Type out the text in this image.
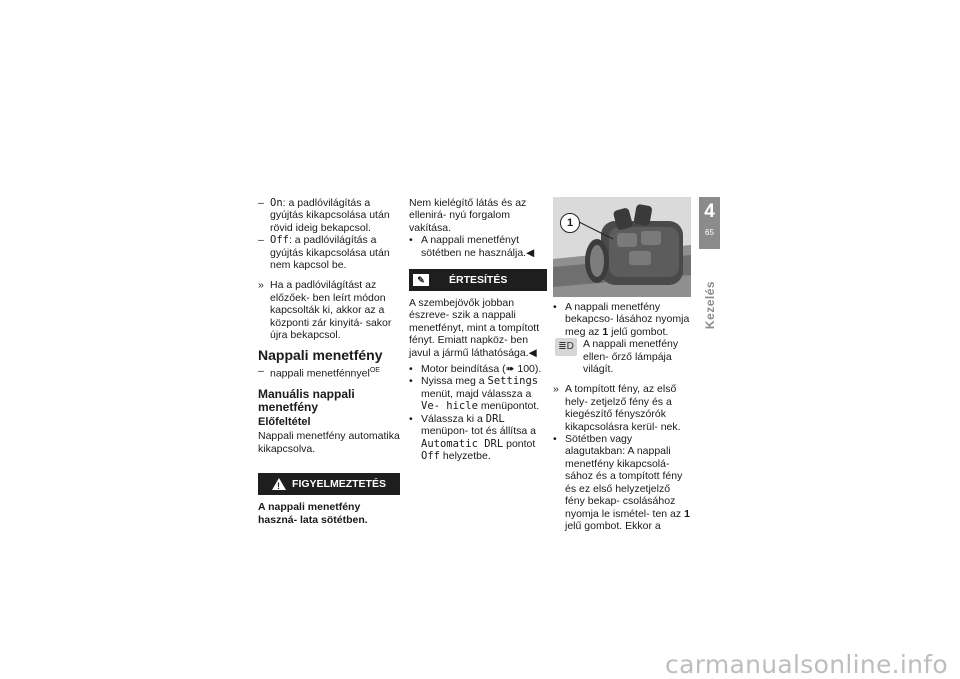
– On: a padlóvilágítás a gyújtás kikapcsolása után rövid ideig bekapcsol.
– Off: a padlóvilágítás a gyújtás kikapcsolása után nem kapcsol be.
» Ha a padlóvilágítást az előzőek- ben leírt módon kapcsolták ki, akkor az a központi zár kinyitá- sakor újra bekapcsol.
Nappali menetfény
– nappali menetfénnyel$^{OE}$
Manuális nappali menetfény
Előfeltétel
Nappali menetfény automatika kikapcsolva.
! FIGYELMEZTETÉS
A nappali menetfény haszná- lata sötétben.
Nem kielégítő látás és az ellenirá- nyú forgalom vakítása.
• A nappali menetfényt sötétben ne használja.◀
✎	ÉRTESÍTÉS
A szembejövők jobban észreve- szik a nappali menetfényt, mint a tompított fényt. Emiatt napköz- ben javul a jármű láthatósága.◀
• Motor beindítása (➠ 100).
• Nyissa meg a Settings menüt, majd válassza a Ve- hicle menüpontot.
• Válassza ki a DRL menüpon- tot és állítsa a Automatic DRL pontot Off helyzetbe.
1
• A nappali menetfény bekapcso- lásához nyomja meg az 1 jelű gombot.
≣D A nappali menetfény ellen- őrző lámpája világít.
» A tompított fény, az első hely- zetjelző fény és a kiegészítő fényszórók kikapcsolásra kerül- nek.
• Sötétben vagy alagutakban: A nappali menetfény kikapcsolá- sához és a tompított fény és ez első helyzetjelző fény bekap- csolásához nyomja le ismétel- ten az 1 jelű gombot. Ekkor a
4
65
Kezelés
carmanualsonline.info
